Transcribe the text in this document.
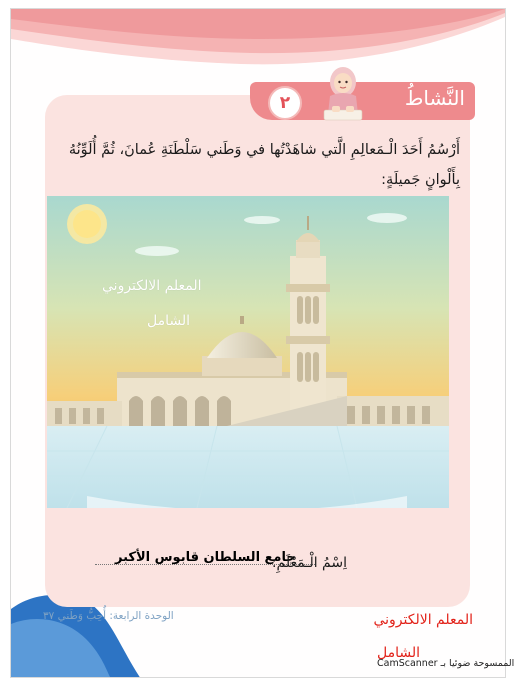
٢	النَّشاطُ
أَرْسُمُ أَحَدَ الْـمَعالِمِ الَّتي شاهَدْتُها في وَطَني سَلْطَنَةِ عُمانَ، ثُمَّ أُلَوِّنُهُ
بِأَلْوانٍ جَميلَةٍ:
المعلم الالكتروني
الشامل
جامع السلطان قابوس الأكبر
اِسْمُ الْـمَعْلَمِ:
الوحدة الرابعة: أُحِبُّ وَطَني ٣٧	المعلم الالكتروني
الشامل
الممسوحة ضوئيا بـ CamScanner
